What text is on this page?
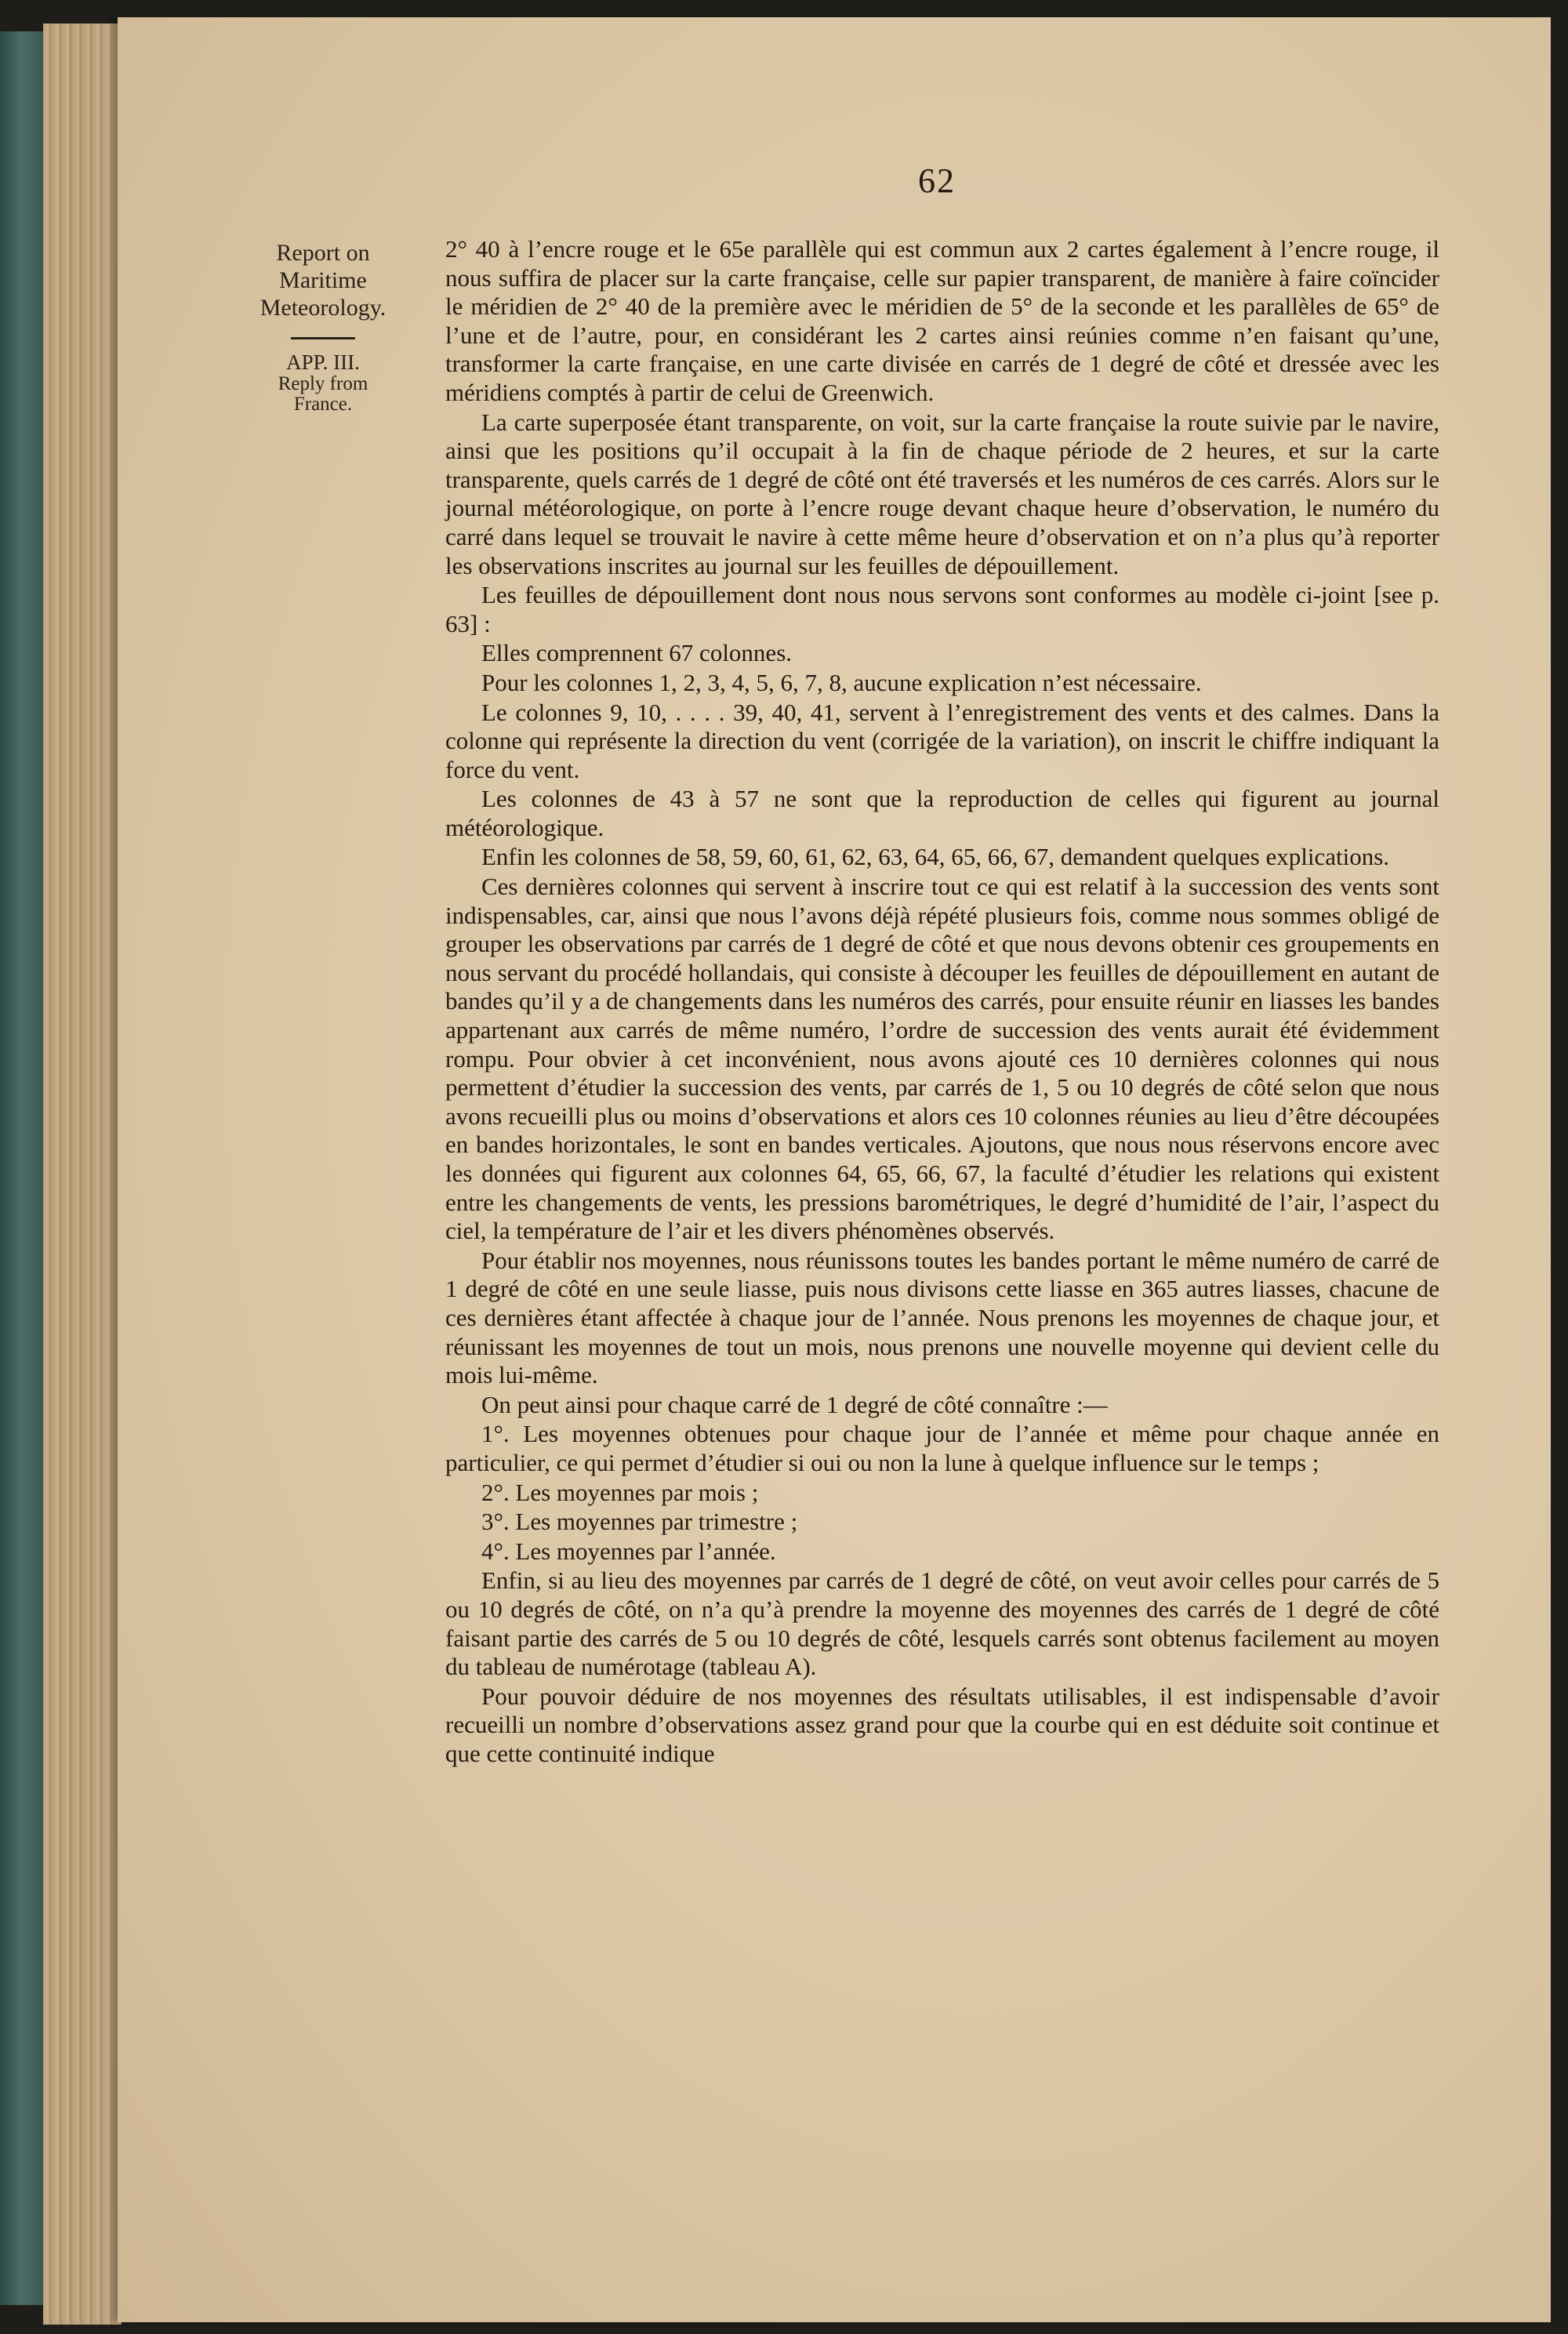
62
Report on
Maritime
Meteorology.
APP. III.
Reply from
France.

2° 40 à l’encre rouge et le 65e parallèle qui est commun aux 2 cartes également à l’encre rouge, il nous suffira de placer sur la carte française, celle sur papier transparent, de manière à faire coïncider le méridien de 2° 40 de la première avec le méridien de 5° de la seconde et les parallèles de 65° de l’une et de l’autre, pour, en considérant les 2 cartes ainsi reúnies comme n’en faisant qu’une, transformer la carte française, en une carte divisée en carrés de 1 degré de côté et dressée avec les méridiens comptés à partir de celui de Greenwich.

La carte superposée étant transparente, on voit, sur la carte française la route suivie par le navire, ainsi que les positions qu’il occupait à la fin de chaque période de 2 heures, et sur la carte transparente, quels carrés de 1 degré de côté ont été traversés et les numéros de ces carrés. Alors sur le journal météorologique, on porte à l’encre rouge devant chaque heure d’observation, le numéro du carré dans lequel se trouvait le navire à cette même heure d’observation et on n’a plus qu’à reporter les observations inscrites au journal sur les feuilles de dépouillement.

Les feuilles de dépouillement dont nous nous servons sont conformes au modèle ci-joint [see p. 63] :

Elles comprennent 67 colonnes.

Pour les colonnes 1, 2, 3, 4, 5, 6, 7, 8, aucune explication n’est nécessaire.

Le colonnes 9, 10, . . . . 39, 40, 41, servent à l’enregistrement des vents et des calmes. Dans la colonne qui représente la direction du vent (corrigée de la variation), on inscrit le chiffre indiquant la force du vent.

Les colonnes de 43 à 57 ne sont que la reproduction de celles qui figurent au journal météorologique.

Enfin les colonnes de 58, 59, 60, 61, 62, 63, 64, 65, 66, 67, demandent quelques explications.

Ces dernières colonnes qui servent à inscrire tout ce qui est relatif à la succession des vents sont indispensables, car, ainsi que nous l’avons déjà répété plusieurs fois, comme nous sommes obligé de grouper les observations par carrés de 1 degré de côté et que nous devons obtenir ces groupements en nous servant du procédé hollandais, qui consiste à découper les feuilles de dépouillement en autant de bandes qu’il y a de changements dans les numéros des carrés, pour ensuite réunir en liasses les bandes appartenant aux carrés de même numéro, l’ordre de succession des vents aurait été évidemment rompu. Pour obvier à cet inconvénient, nous avons ajouté ces 10 dernières colonnes qui nous permettent d’étudier la succession des vents, par carrés de 1, 5 ou 10 degrés de côté selon que nous avons recueilli plus ou moins d’observations et alors ces 10 colonnes réunies au lieu d’être découpées en bandes horizontales, le sont en bandes verticales. Ajoutons, que nous nous réservons encore avec les données qui figurent aux colonnes 64, 65, 66, 67, la faculté d’étudier les relations qui existent entre les changements de vents, les pressions barométriques, le degré d’humidité de l’air, l’aspect du ciel, la température de l’air et les divers phénomènes observés.

Pour établir nos moyennes, nous réunissons toutes les bandes portant le même numéro de carré de 1 degré de côté en une seule liasse, puis nous divisons cette liasse en 365 autres liasses, chacune de ces dernières étant affectée à chaque jour de l’année. Nous prenons les moyennes de chaque jour, et réunissant les moyennes de tout un mois, nous prenons une nouvelle moyenne qui devient celle du mois lui-même.

On peut ainsi pour chaque carré de 1 degré de côté connaître :—

1°. Les moyennes obtenues pour chaque jour de l’année et même pour chaque année en particulier, ce qui permet d’étudier si oui ou non la lune à quelque influence sur le temps ;

2°. Les moyennes par mois ;

3°. Les moyennes par trimestre ;

4°. Les moyennes par l’année.

Enfin, si au lieu des moyennes par carrés de 1 degré de côté, on veut avoir celles pour carrés de 5 ou 10 degrés de côté, on n’a qu’à prendre la moyenne des moyennes des carrés de 1 degré de côté faisant partie des carrés de 5 ou 10 degrés de côté, lesquels carrés sont obtenus facilement au moyen du tableau de numérotage (tableau A).

Pour pouvoir déduire de nos moyennes des résultats utilisables, il est indispensable d’avoir recueilli un nombre d’observations assez grand pour que la courbe qui en est déduite soit continue et que cette continuité indique
